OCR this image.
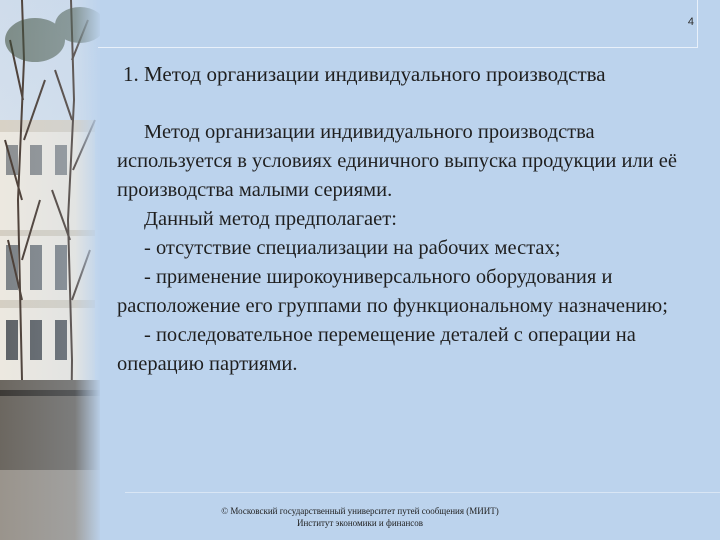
4
1. Метод организации индивидуального производства

Метод организации индивидуального производства используется в условиях единичного выпуска продукции или её производства малыми сериями.

Данный метод предполагает:

- отсутствие специализации на рабочих местах;

- применение широкоуниверсального оборудования и расположение его группами по функциональному назначению;

- последовательное перемещение деталей с операции на операцию партиями.

© Московский государственный университет путей сообщения (МИИТ)
Институт экономики и финансов
